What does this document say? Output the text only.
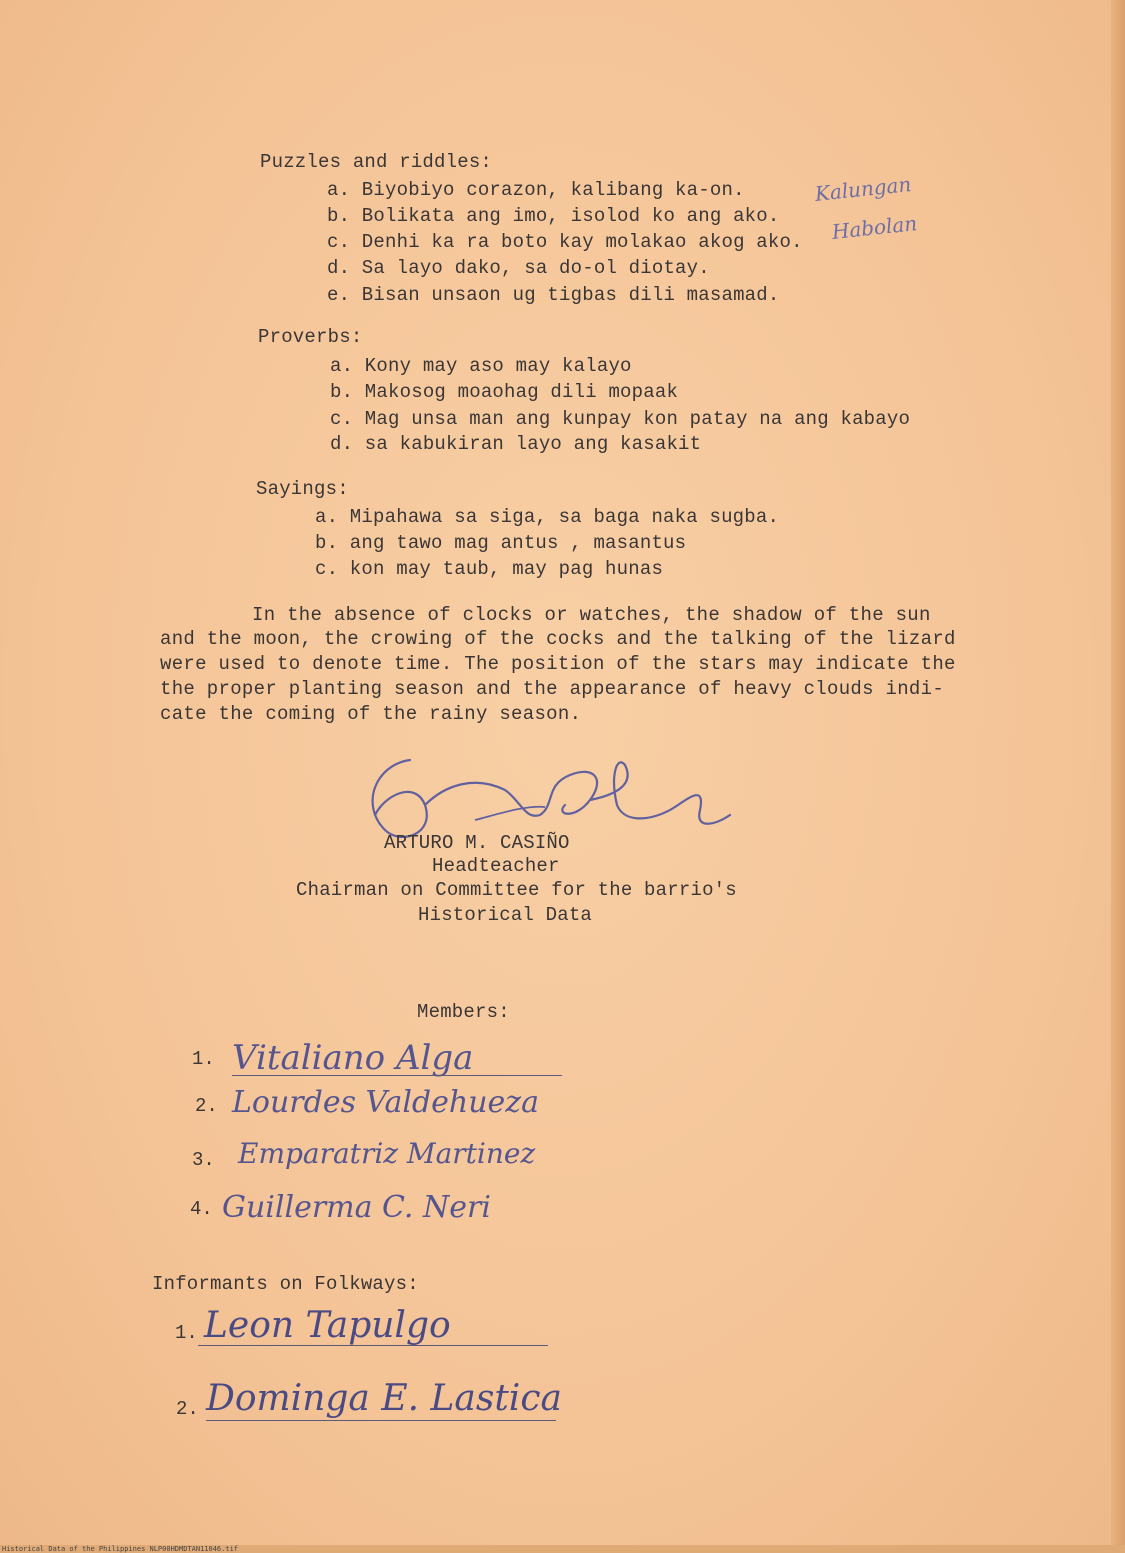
Puzzles and riddles:
a. Biyobiyo corazon, kalibang ka-on.
b. Bolikata ang imo, isolod ko ang ako.
c. Denhi ka ra boto kay molakao akog ako.
d. Sa layo dako, sa do-ol diotay.
e. Bisan unsaon ug tigbas dili masamad.
Kalungan
Habolan
Proverbs:
a. Kony may aso may kalayo
b. Makosog moaohag dili mopaak
c. Mag unsa man ang kunpay kon patay na ang kabayo
d. sa kabukiran layo ang kasakit
Sayings:
a. Mipahawa sa siga, sa baga naka sugba.
b. ang tawo mag antus , masantus
c. kon may taub, may pag hunas
In the absence of clocks or watches, the shadow of the sun
and the moon, the crowing of the cocks and the talking of the lizard
were used to denote time. The position of the stars may indicate the
the proper planting season and the appearance of heavy clouds indi-
cate the coming of the rainy season.
ARTURO M. CASIÑO
Headteacher
Chairman on Committee for the barrio's
Historical Data
Members:
1. Vitaliano Alga
2. Lourdes Valdehueza
3. Emparatriz Martinez
4. Guillerma C. Neri
Informants on Folkways:
1. Leon Tapulgo
2. Dominga E. Lastica
Historical Data of the Philippines NLP00HDMDTAN11046.tif
